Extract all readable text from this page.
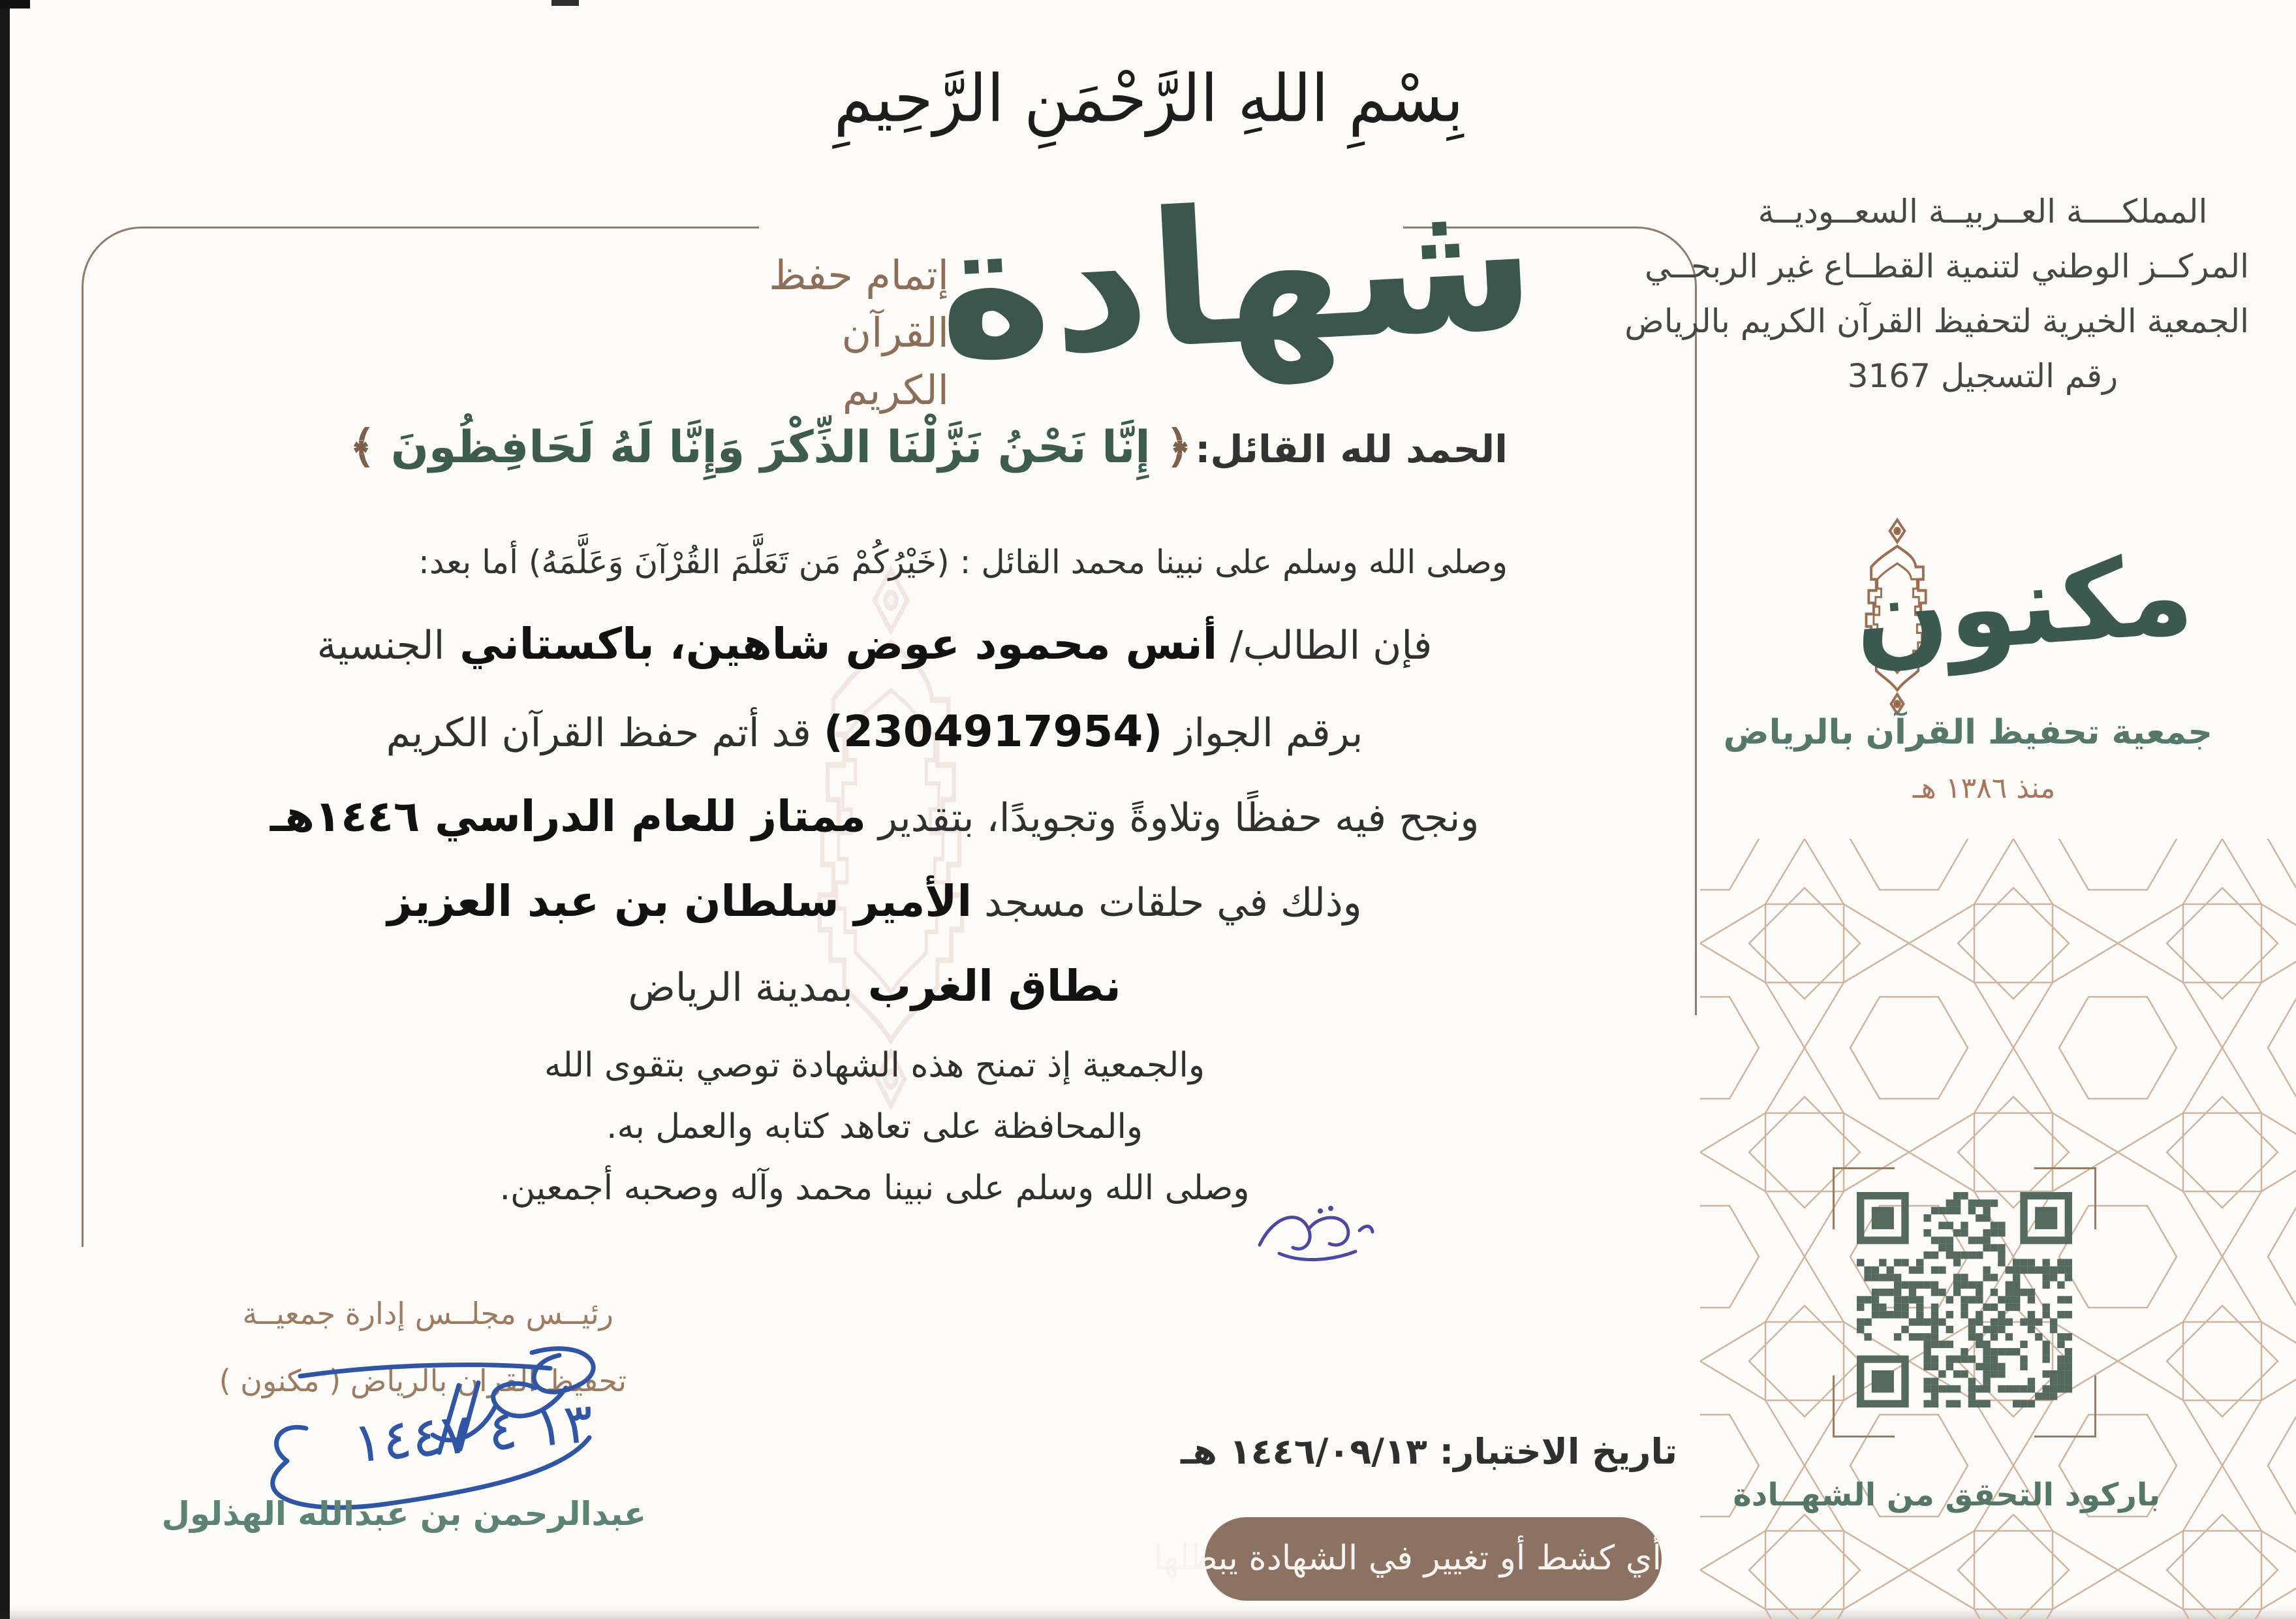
بِسْمِ اللهِ الرَّحْمَنِ الرَّحِيمِ
شهادة
إتمام حفظ
القرآن الكريم
المملكــــة العــربيــة السعــوديــة
المركــز الوطني لتنمية القطــاع غير الربحــي
الجمعية الخيرية لتحفيظ القرآن الكريم بالرياض
رقم التسجيل 3167
مكنون
جمعية تحفيظ القرآن بالرياض
منذ ١٣٨٦ هـ
الحمد لله القائل: ﴿ إِنَّا نَحْنُ نَزَّلْنَا الذِّكْرَ وَإِنَّا لَهُ لَحَافِظُونَ ﴾
وصلى الله وسلم على نبينا محمد القائل : (خَيْرُكُمْ مَن تَعَلَّمَ القُرْآنَ وَعَلَّمَهُ) أما بعد:
فإن الطالب/ أنس محمود عوض شاهين، باكستاني الجنسية
برقم الجواز (2304917954) قد أتم حفظ القرآن الكريم
ونجح فيه حفظًا وتلاوةً وتجويدًا، بتقدير ممتاز للعام الدراسي ١٤٤٦هـ
وذلك في حلقات مسجد الأمير سلطان بن عبد العزيز
نطاق الغرب بمدينة الرياض
والجمعية إذ تمنح هذه الشهادة توصي بتقوى الله
والمحافظة على تعاهد كتابه والعمل به.
وصلى الله وسلم على نبينا محمد وآله وصحبه أجمعين.
رئيــس مجلــس إدارة جمعيــة
تحفيظ القرآن بالرياض ( مكنون )
١٣ ٤ ١٤٤٧
عبدالرحمن بن عبدالله الهذلول
تاريخ الاختبار: ١٤٤٦/٠٩/١٣ هـ
أي كشط أو تغيير في الشهادة يبطلها
باركود التحقق من الشهــادة
